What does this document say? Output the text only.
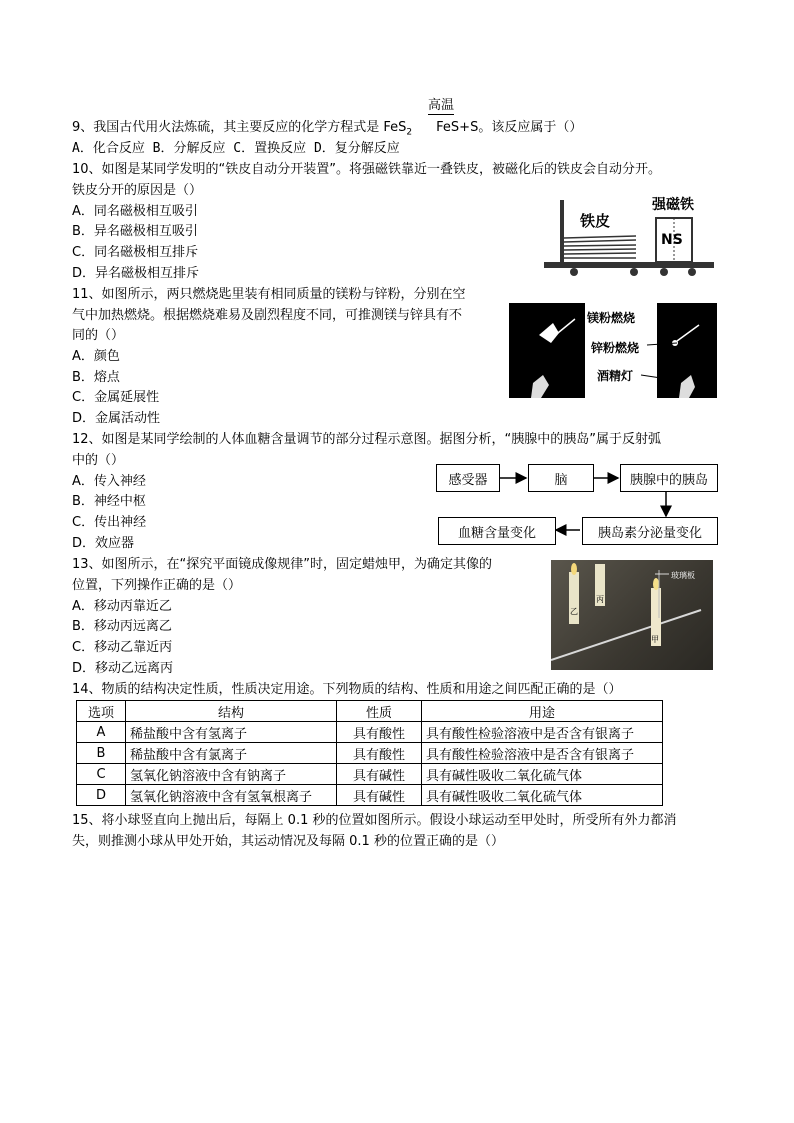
高温
9、我国古代用火法炼硫，其主要反应的化学方程式是 FeS$_2$ FeS+S。该反应属于（）
A．化合反应 B．分解反应 C．置换反应 D．复分解反应
10、如图是某同学发明的“铁皮自动分开装置”。将强磁铁靠近一叠铁皮，被磁化后的铁皮会自动分开。
铁皮分开的原因是（）
A．同名磁极相互吸引
B．异名磁极相互吸引
C．同名磁极相互排斥
D．异名磁极相互排斥
铁皮
强磁铁
NS
11、如图所示，两只燃烧匙里装有相同质量的镁粉与锌粉，分别在空
气中加热燃烧。根据燃烧难易及剧烈程度不同，可推测镁与锌具有不
同的（）
A．颜色
B．熔点
C．金属延展性
D．金属活动性
镁粉燃烧
锌粉燃烧
酒精灯
12、如图是某同学绘制的人体血糖含量调节的部分过程示意图。据图分析，“胰腺中的胰岛”属于反射弧
中的（）
A．传入神经
B．神经中枢
C．传出神经
D．效应器
感受器	脑	胰腺中的胰岛
胰岛素分泌量变化
血糖含量变化
13、如图所示，在“探究平面镜成像规律”时，固定蜡烛甲，为确定其像的
位置，下列操作正确的是（）
A．移动丙靠近乙
B．移动丙远离乙
C．移动乙靠近丙
D．移动乙远离丙
玻璃板
乙
丙
甲
14、物质的结构决定性质，性质决定用途。下列物质的结构、性质和用途之间匹配正确的是（）
选项	结构	性质	用途
A	稀盐酸中含有氢离子	具有酸性	具有酸性检验溶液中是否含有银离子
B	稀盐酸中含有氯离子	具有酸性	具有酸性检验溶液中是否含有银离子
C	氢氧化钠溶液中含有钠离子	具有碱性	具有碱性吸收二氧化硫气体
D	氢氧化钠溶液中含有氢氧根离子	具有碱性	具有碱性吸收二氧化硫气体
15、将小球竖直向上抛出后，每隔上 0.1 秒的位置如图所示。假设小球运动至甲处时，所受所有外力都消
失，则推测小球从甲处开始，其运动情况及每隔 0.1 秒的位置正确的是（）
